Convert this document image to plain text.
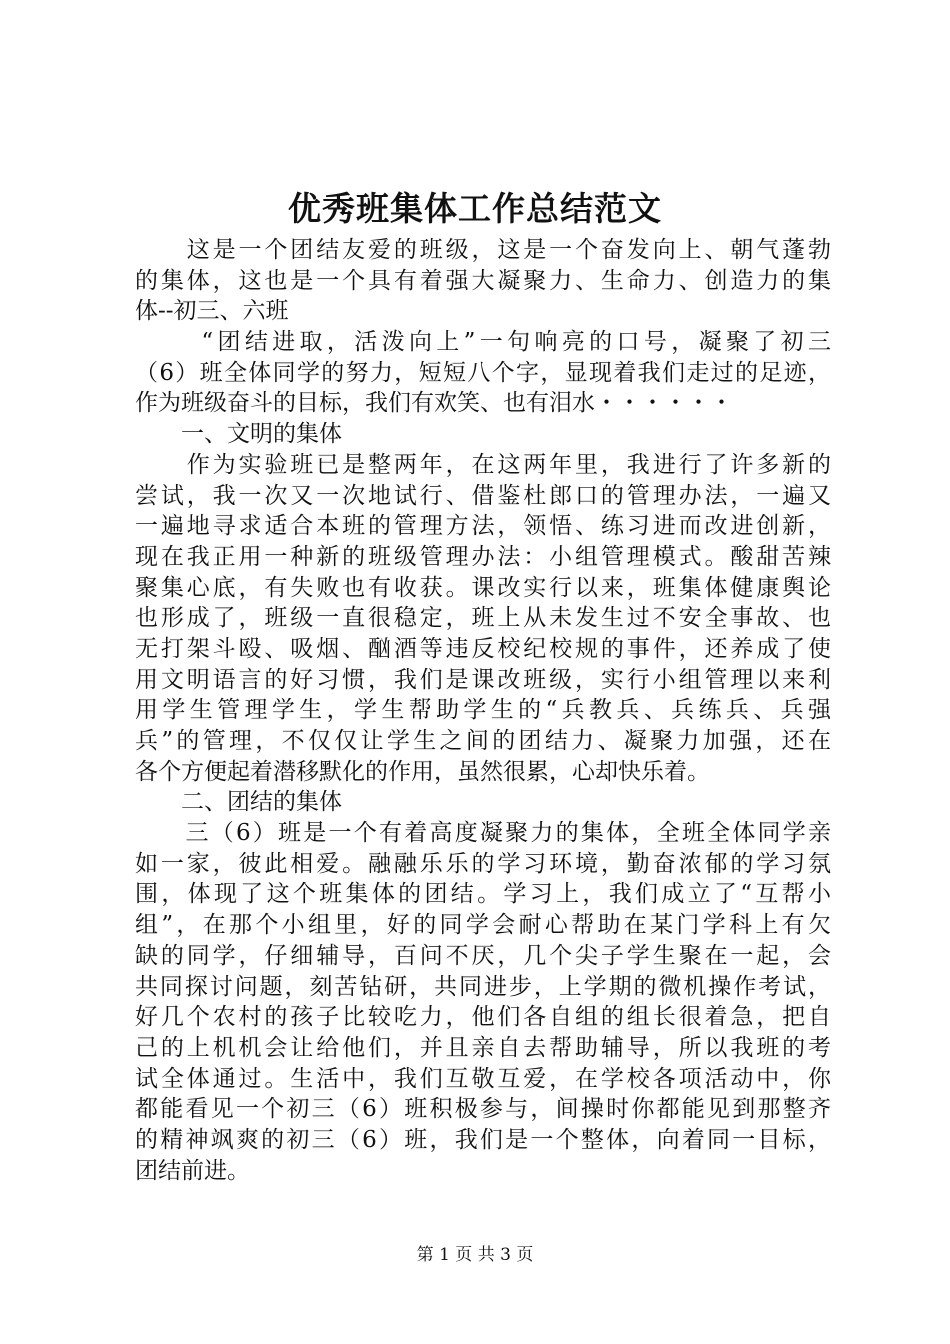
优秀班集体工作总结范文
　　这是一个团结友爱的班级，这是一个奋发向上、朝气蓬勃
的集体，这也是一个具有着强大凝聚力、生命力、创造力的集
体--初三、六班
　　 “团结进取，活泼向上”一句响亮的口号，凝聚了初三
（6）班全体同学的努力，短短八个字，显现着我们走过的足迹，
作为班级奋斗的目标，我们有欢笑、也有泪水・・・・・・
　　一、文明的集体
　　作为实验班已是整两年，在这两年里，我进行了许多新的
尝试，我一次又一次地试行、借鉴杜郎口的管理办法，一遍又
一遍地寻求适合本班的管理方法，领悟、练习进而改进创新，
现在我正用一种新的班级管理办法：小组管理模式。酸甜苦辣
聚集心底，有失败也有收获。课改实行以来，班集体健康舆论
也形成了，班级一直很稳定，班上从未发生过不安全事故、也
无打架斗殴、吸烟、酗酒等违反校纪校规的事件，还养成了使
用文明语言的好习惯，我们是课改班级，实行小组管理以来利
用学生管理学生，学生帮助学生的“兵教兵、兵练兵、兵强
兵”的管理，不仅仅让学生之间的团结力、凝聚力加强，还在
各个方便起着潜移默化的作用，虽然很累，心却快乐着。
　　二、团结的集体
　　三（6）班是一个有着高度凝聚力的集体，全班全体同学亲
如一家，彼此相爱。融融乐乐的学习环境，勤奋浓郁的学习氛
围，体现了这个班集体的团结。学习上，我们成立了“互帮小
组”，在那个小组里，好的同学会耐心帮助在某门学科上有欠
缺的同学，仔细辅导，百问不厌，几个尖子学生聚在一起，会
共同探讨问题，刻苦钻研，共同进步，上学期的微机操作考试，
好几个农村的孩子比较吃力，他们各自组的组长很着急，把自
己的上机机会让给他们，并且亲自去帮助辅导，所以我班的考
试全体通过。生活中，我们互敬互爱，在学校各项活动中，你
都能看见一个初三（6）班积极参与，间操时你都能见到那整齐
的精神飒爽的初三（6）班，我们是一个整体，向着同一目标，
团结前进。
第 1 页 共 3 页
